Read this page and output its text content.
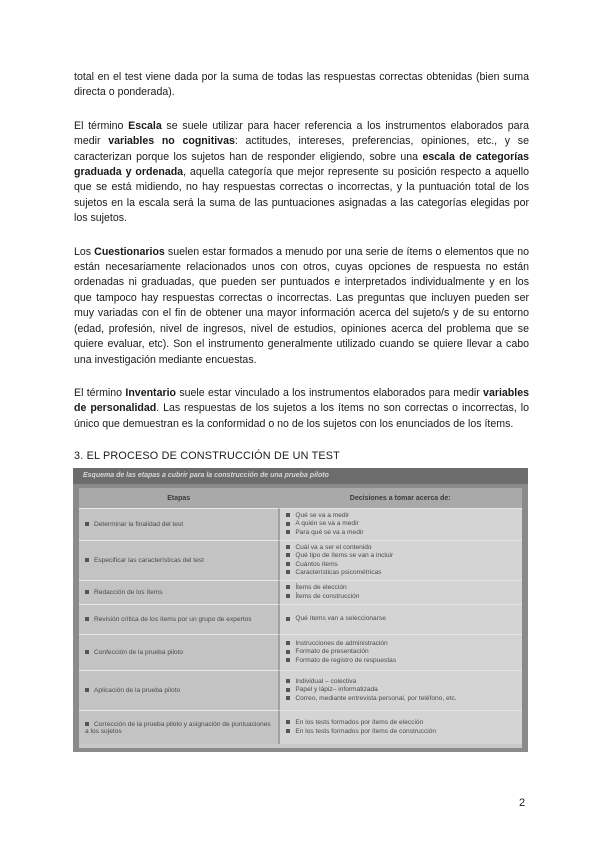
total en el test viene dada por la suma de todas las respuestas correctas obtenidas (bien suma directa o ponderada).

El término Escala se suele utilizar para hacer referencia a los instrumentos elaborados para medir variables no cognitivas: actitudes, intereses, preferencias, opiniones, etc., y se caracterizan porque los sujetos han de responder eligiendo, sobre una escala de categorías graduada y ordenada, aquella categoría que mejor represente su posición respecto a aquello que se está midiendo, no hay respuestas correctas o incorrectas, y la puntuación total de los sujetos en la escala será la suma de las puntuaciones asignadas a las categorías elegidas por los sujetos.

Los Cuestionarios suelen estar formados a menudo por una serie de ítems o elementos que no están necesariamente relacionados unos con otros, cuyas opciones de respuesta no están ordenadas ni graduadas, que pueden ser puntuados e interpretados individualmente y en los que tampoco hay respuestas correctas o incorrectas. Las preguntas que incluyen pueden ser muy variadas con el fin de obtener una mayor información acerca del sujeto/s y de su entorno (edad, profesión, nivel de ingresos, nivel de estudios, opiniones acerca del problema que se quiere evaluar, etc). Son el instrumento generalmente utilizado cuando se quiere llevar a cabo una investigación mediante encuestas.

El término Inventario suele estar vinculado a los instrumentos elaborados para medir variables de personalidad. Las respuestas de los sujetos a los ítems no son correctas o incorrectas, lo único que demuestran es la conformidad o no de los sujetos con los enunciados de los ítems.

3. EL PROCESO DE CONSTRUCCIÓN DE UN TEST
Esquema de las etapas a cubrir para la construcción de una prueba piloto
Etapas	Decisiones a tomar acerca de:
Determinar la finalidad del test	Qué se va a medir
A quién se va a medir
Para qué se va a medir

Especificar las características del test	Cuál va a ser el contenido
Qué tipo de ítems se van a incluir
Cuántos ítems
Características psicométricas

Redacción de los ítems	Ítems de elección
Ítems de construcción

Revisión crítica de los ítems por un grupo de expertos	Qué ítems van a seleccionarse

Confección de la prueba piloto	Instrucciones de administración
Formato de presentación
Formato de registro de respuestas

Aplicación de la prueba piloto	Individual – colectiva
Papel y lápiz– informatizada
Correo, mediante entrevista personal, por teléfono, etc.

Corrección de la prueba piloto y asignación de puntuaciones a los sujetos	En los tests formados por ítems de elección
En los tests formados por ítems de construcción
2
